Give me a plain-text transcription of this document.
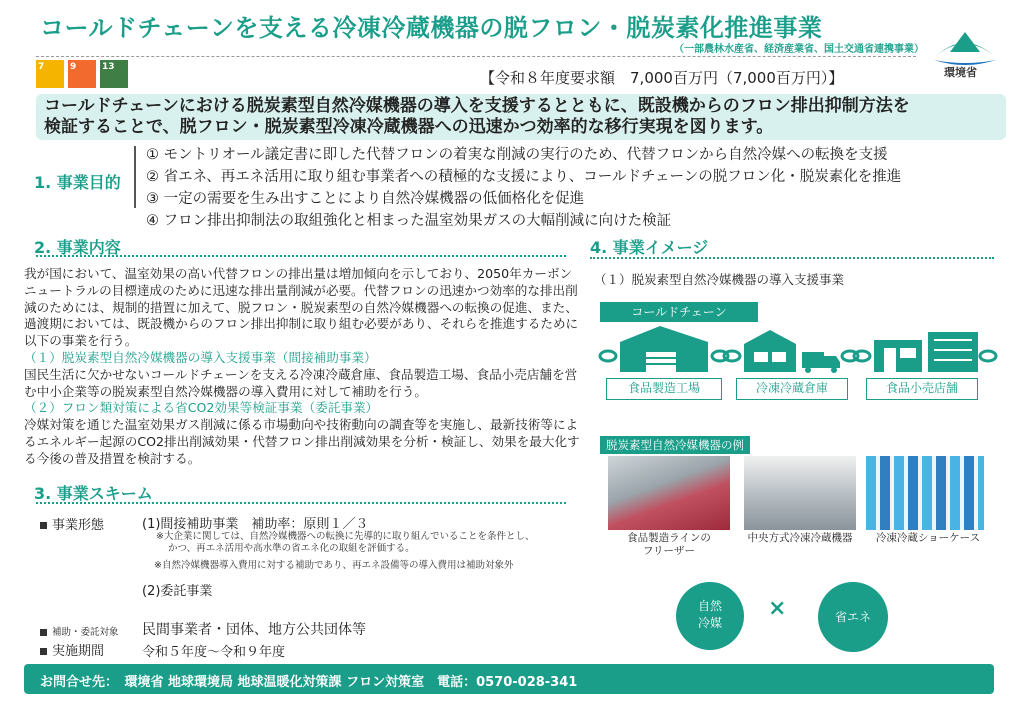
コールドチェーンを支える冷凍冷蔵機器の脱フロン・脱炭素化推進事業
（一部農林水産省、経済産業省、国土交通省連携事業）
環境省
7	9	13
【令和８年度要求額　7,000百万円（7,000百万円）】
コールドチェーンにおける脱炭素型自然冷媒機器の導入を支援するとともに、既設機からのフロン排出抑制方法を
検証することで、脱フロン・脱炭素型冷凍冷蔵機器への迅速かつ効率的な移行実現を図ります。
1. 事業目的
① モントリオール議定書に即した代替フロンの着実な削減の実行のため、代替フロンから自然冷媒への転換を支援
② 省エネ、再エネ活用に取り組む事業者への積極的な支援により、コールドチェーンの脱フロン化・脱炭素化を推進
③ 一定の需要を生み出すことにより自然冷媒機器の低価格化を促進
④ フロン排出抑制法の取組強化と相まった温室効果ガスの大幅削減に向けた検証
2. 事業内容
我が国において、温室効果の高い代替フロンの排出量は増加傾向を示しており、2050年カーボンニュートラルの目標達成のために迅速な排出量削減が必要。代替フロンの迅速かつ効率的な排出削減のためには、規制的措置に加えて、脱フロン・脱炭素型の自然冷媒機器への転換の促進、また、過渡期においては、既設機からのフロン排出抑制に取り組む必要があり、それらを推進するために以下の事業を行う。
（１）脱炭素型自然冷媒機器の導入支援事業（間接補助事業）
国民生活に欠かせないコールドチェーンを支える冷凍冷蔵倉庫、食品製造工場、食品小売店舗を営む中小企業等の脱炭素型自然冷媒機器の導入費用に対して補助を行う。
（２）フロン類対策による省CO2効果等検証事業（委託事業）
冷媒対策を通じた温室効果ガス削減に係る市場動向や技術動向の調査等を実施し、最新技術等によるエネルギー起源のCO2排出削減効果・代替フロン排出削減効果を分析・検証し、効果を最大化する今後の普及措置を検討する。
3. 事業スキーム
事業形態	(1)間接補助事業　補助率：原則１／３
※大企業に関しては、自然冷媒機器への転換に先導的に取り組んでいることを条件とし、
かつ、再エネ活用や高水準の省エネ化の取組を評価する。
※自然冷媒機器導入費用に対する補助であり、再エネ設備等の導入費用は補助対象外
(2)委託事業
補助・委託対象 民間事業者・団体、地方公共団体等
実施期間	令和５年度～令和９年度
4. 事業イメージ
（１）脱炭素型自然冷媒機器の導入支援事業
コールドチェーン
食品製造工場	冷凍冷蔵倉庫	食品小売店舗
脱炭素型自然冷媒機器の例
食品製造ラインの
フリーザー
中央方式冷凍冷蔵機器	冷凍冷蔵ショーケース
自然
冷媒
×	省エネ
お問合せ先：　環境省 地球環境局 地球温暖化対策課 フロン対策室　電話：0570-028-341
